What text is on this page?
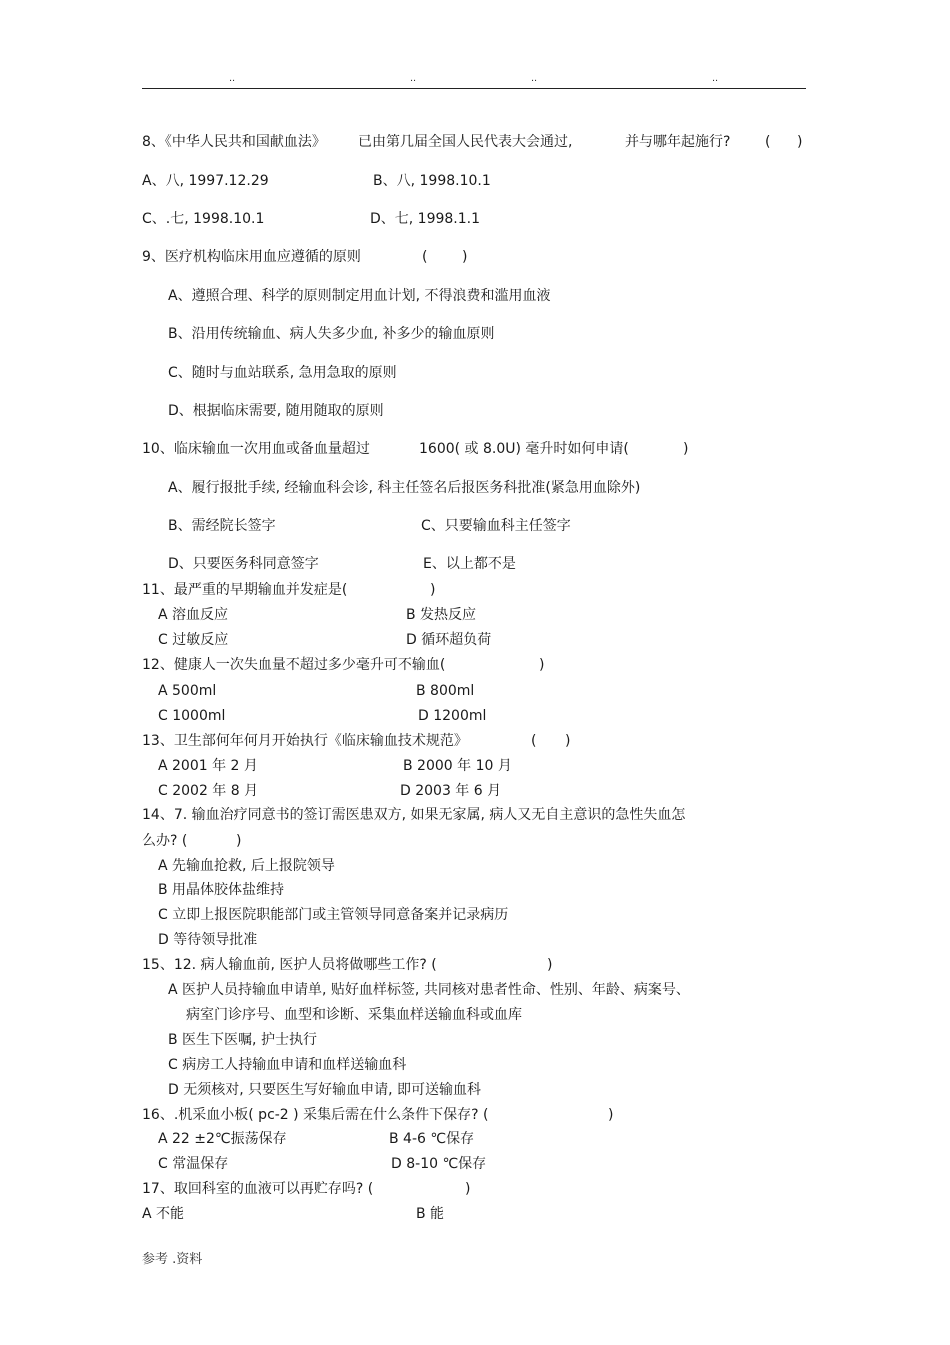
..	..	..	..
8、《中华人民共和国献血法》 已由第几届全国人民代表大会通过,	并与哪年起施行? ( )
A、八, 1997.12.29	B、八, 1998.10.1
C、.七, 1998.10.1	D、七, 1998.1.1
9、医疗机构临床用血应遵循的原则	( )
A、遵照合理、科学的原则制定用血计划, 不得浪费和滥用血液
B、沿用传统输血、病人失多少血, 补多少的输血原则
C、随时与血站联系, 急用急取的原则
D、根据临床需要, 随用随取的原则
10、临床输血一次用血或备血量超过	1600( 或 8.0U) 毫升时如何申请(	)
A、履行报批手续, 经输血科会诊, 科主任签名后报医务科批准(紧急用血除外)
B、需经院长签字	C、只要输血科主任签字
D、只要医务科同意签字	E、以上都不是
11、最严重的早期输血并发症是(	)
A 溶血反应	B 发热反应
C 过敏反应	D 循环超负荷
12、健康人一次失血量不超过多少毫升可不输血(	)
A 500ml	B 800ml
C 1000ml	D 1200ml
13、卫生部何年何月开始执行《临床输血技术规范》	( )
A 2001 年 2 月	B 2000 年 10 月
C 2002 年 8 月	D 2003 年 6 月
14、7. 输血治疗同意书的签订需医患双方, 如果无家属, 病人又无自主意识的急性失血怎
么办? (	)
A 先输血抢救, 后上报院领导
B 用晶体胶体盐维持
C 立即上报医院职能部门或主管领导同意备案并记录病历
D 等待领导批准
15、12. 病人输血前, 医护人员将做哪些工作? (	)
A 医护人员持输血申请单, 贴好血样标签, 共同核对患者性命、性别、年龄、病案号、
病室门诊序号、血型和诊断、采集血样送输血科或血库
B 医生下医嘱, 护士执行
C 病房工人持输血申请和血样送输血科
D 无须核对, 只要医生写好输血申请, 即可送输血科
16、.机采血小板( pc-2 ) 采集后需在什么条件下保存? (	)
A 22 ±2℃振荡保存	B 4-6 ℃保存
C 常温保存	D 8-10 ℃保存
17、取回科室的血液可以再贮存吗? (	)
A 不能	B 能
参考 .资料
